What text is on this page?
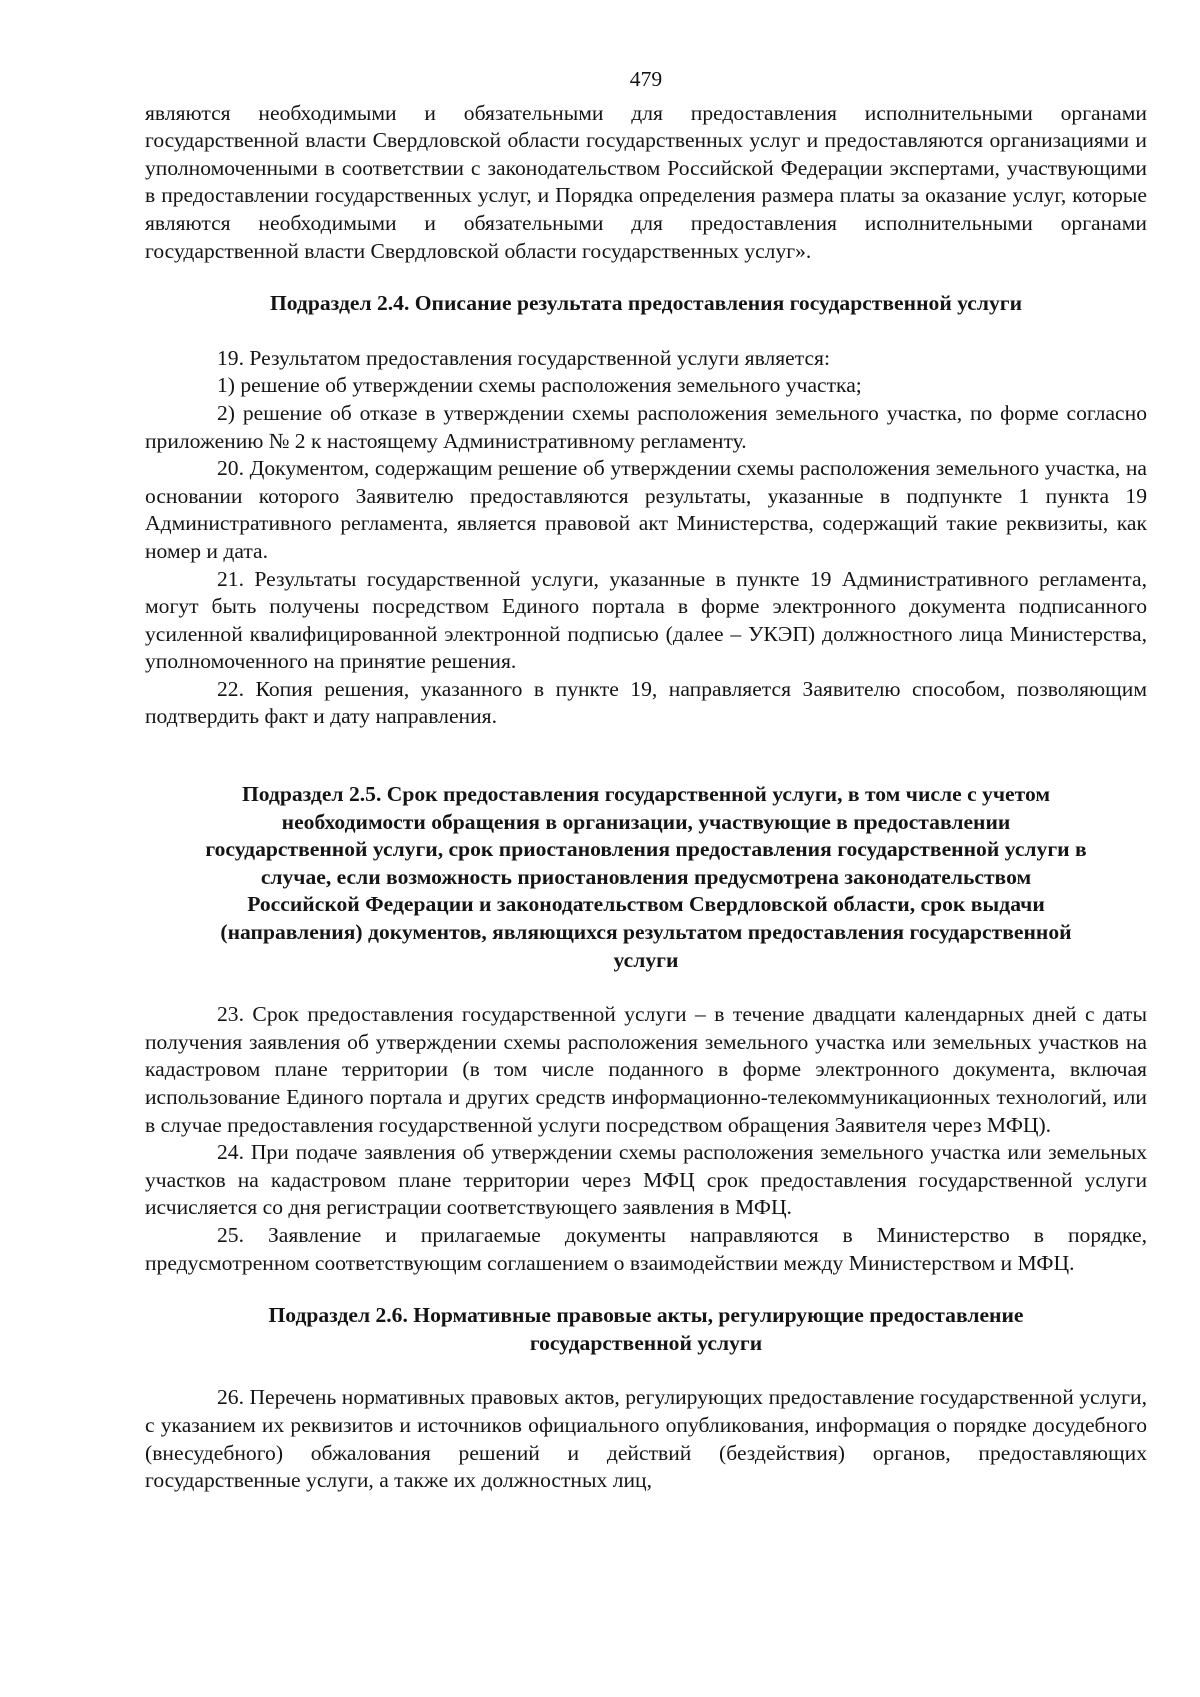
479

являются необходимыми и обязательными для предоставления исполнительными органами государственной власти Свердловской области государственных услуг и предоставляются организациями и уполномоченными в соответствии с законодательством Российской Федерации экспертами, участвующими в предоставлении государственных услуг, и Порядка определения размера платы за оказание услуг, которые являются необходимыми и обязательными для предоставления исполнительными органами государственной власти Свердловской области государственных услуг».

Подраздел 2.4. Описание результата предоставления государственной услуги

19. Результатом предоставления государственной услуги является:

1) решение об утверждении схемы расположения земельного участка;

2) решение об отказе в утверждении схемы расположения земельного участка, по форме согласно приложению № 2 к настоящему Административному регламенту.

20. Документом, содержащим решение об утверждении схемы расположения земельного участка, на основании которого Заявителю предоставляются результаты, указанные в подпункте 1 пункта 19 Административного регламента, является правовой акт Министерства, содержащий такие реквизиты, как номер и дата.

21. Результаты государственной услуги, указанные в пункте 19 Административного регламента, могут быть получены посредством Единого портала в форме электронного документа подписанного усиленной квалифицированной электронной подписью (далее – УКЭП) должностного лица Министерства, уполномоченного на принятие решения.

22. Копия решения, указанного в пункте 19, направляется Заявителю способом, позволяющим подтвердить факт и дату направления.

Подраздел 2.5. Срок предоставления государственной услуги, в том числе с учетом
необходимости обращения в организации, участвующие в предоставлении
государственной услуги, срок приостановления предоставления государственной услуги в
случае, если возможность приостановления предусмотрена законодательством
Российской Федерации и законодательством Свердловской области, срок выдачи
(направления) документов, являющихся результатом предоставления государственной
услуги

23. Срок предоставления государственной услуги – в течение двадцати календарных дней с даты получения заявления об утверждении схемы расположения земельного участка или земельных участков на кадастровом плане территории (в том числе поданного в форме электронного документа, включая использование Единого портала и других средств информационно-телекоммуникационных технологий, или в случае предоставления государственной услуги посредством обращения Заявителя через МФЦ).

24. При подаче заявления об утверждении схемы расположения земельного участка или земельных участков на кадастровом плане территории через МФЦ срок предоставления государственной услуги исчисляется со дня регистрации соответствующего заявления в МФЦ.

25. Заявление и прилагаемые документы направляются в Министерство в порядке, предусмотренном соответствующим соглашением о взаимодействии между Министерством и МФЦ.

Подраздел 2.6. Нормативные правовые акты, регулирующие предоставление
государственной услуги

26. Перечень нормативных правовых актов, регулирующих предоставление государственной услуги, с указанием их реквизитов и источников официального опубликования, информация о порядке досудебного (внесудебного) обжалования решений и действий (бездействия) органов, предоставляющих государственные услуги, а также их должностных лиц,
